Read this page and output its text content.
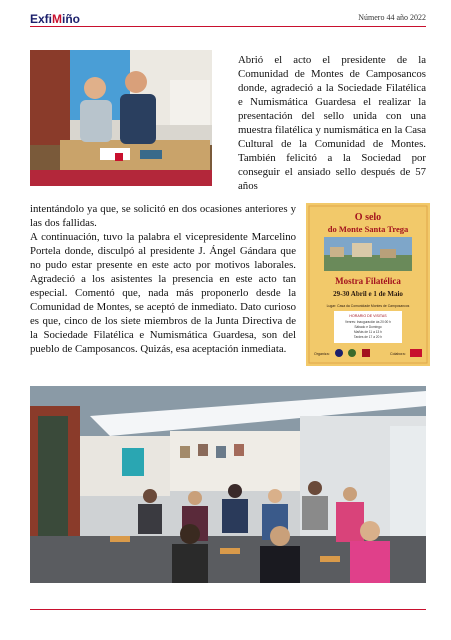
ExfiMiño	Número 44 año 2022
Abrió el acto el presidente de la Comunidad de Montes de Camposancos donde, agradeció a la Sociedade Filatélica e Numismática Guardesa el realizar la presentación del sello unida con una muestra filatélica y numismática en la Casa Cultural de la Comunidad de Montes. También felicitó a la Sociedad por conseguir el ansiado sello después de 57 años

intentándolo ya que, se solicitó en dos ocasiones anteriores y las dos fallidas.

A continuación, tuvo la palabra el vicepresidente Marcelino Portela donde, disculpó al presidente J. Ángel Gándara que no pudo estar presente en este acto por motivos laborales. Agradeció a los asistentes la presencia en este acto tan especial. Comentó que, nada más proponerlo desde la Comunidad de Montes, se aceptó de inmediato. Dato curioso es que, cinco de los siete miembros de la Junta Directiva de la Sociedade Filatélica e Numismática Guardesa, son del pueblo de Camposancos. Quizás, esa aceptación inmediata.

O selo
do Monte Santa Trega
Mostra Filatélica
29-30 Abril e 1 de Maio
Lugar: Casa da Comunidade Montes de Camposancos
HORARIO DE VISITAS
Venres: Inauguración ás 20:00 h
Sábado e Domingo
Mañás de 11 a 13 h
Tardes de 17 a 20 h
Organiza:	Colabora:
